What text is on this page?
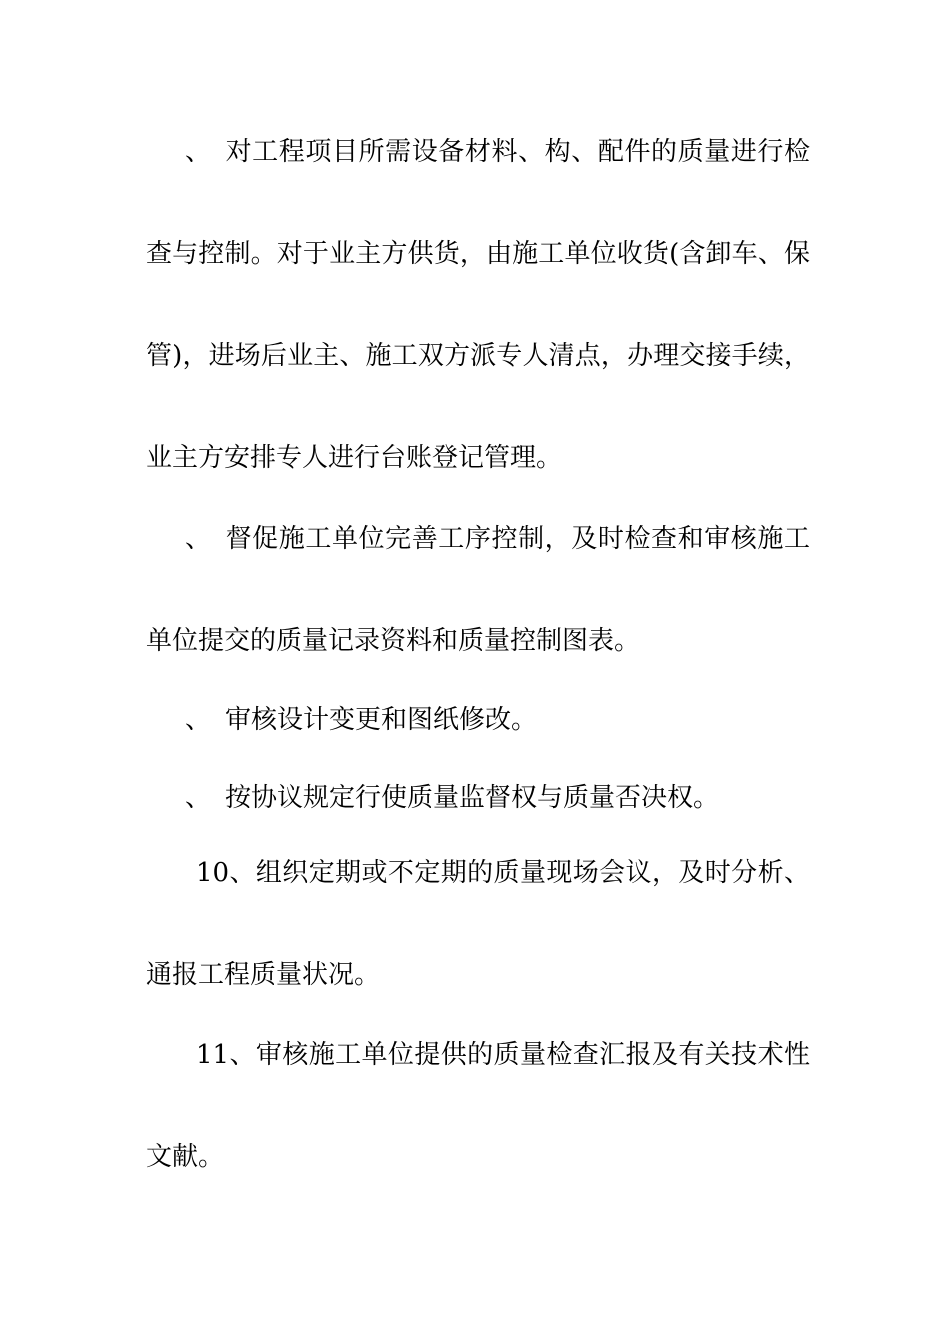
、 对工程项目所需设备材料、构、配件的质量进行检
查与控制。对于业主方供货，由施工单位收货(含卸车、保
管)，进场后业主、施工双方派专人清点，办理交接手续，
业主方安排专人进行台账登记管理。
、 督促施工单位完善工序控制，及时检查和审核施工
单位提交的质量记录资料和质量控制图表。
、 审核设计变更和图纸修改。
、 按协议规定行使质量监督权与质量否决权。
10、组织定期或不定期的质量现场会议，及时分析、
通报工程质量状况。
11、审核施工单位提供的质量检查汇报及有关技术性
文献。
